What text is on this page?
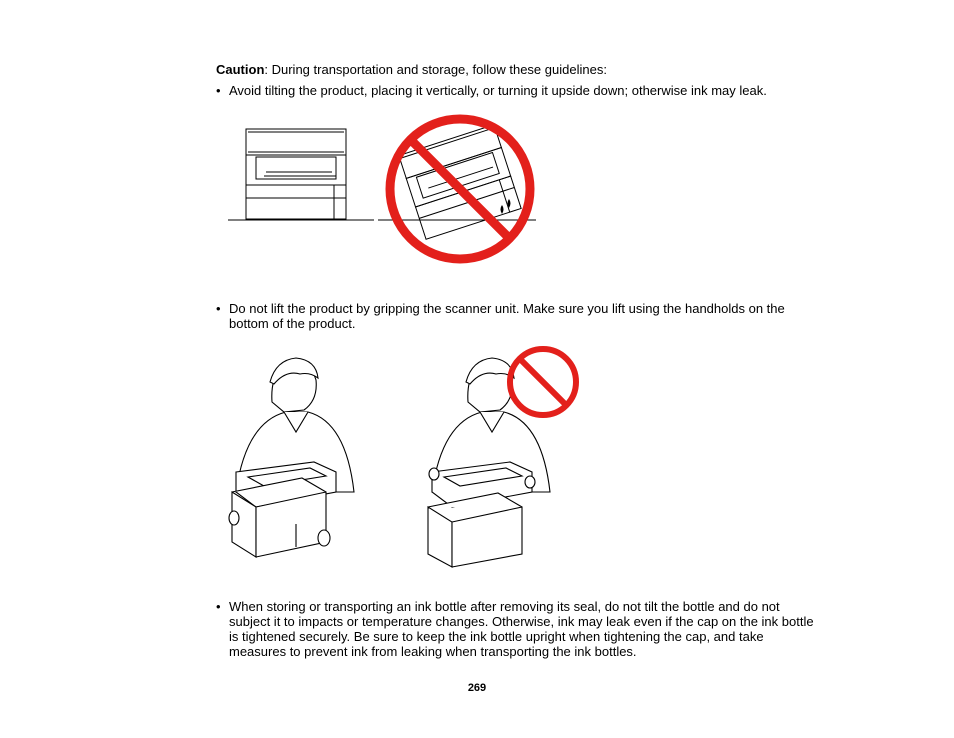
Caution: During transportation and storage, follow these guidelines:
• Avoid tilting the product, placing it vertically, or turning it upside down; otherwise ink may leak.
• Do not lift the product by gripping the scanner unit. Make sure you lift using the handholds on the
bottom of the product.
• When storing or transporting an ink bottle after removing its seal, do not tilt the bottle and do not
subject it to impacts or temperature changes. Otherwise, ink may leak even if the cap on the ink bottle
is tightened securely. Be sure to keep the ink bottle upright when tightening the cap, and take
measures to prevent ink from leaking when transporting the ink bottles.
269
